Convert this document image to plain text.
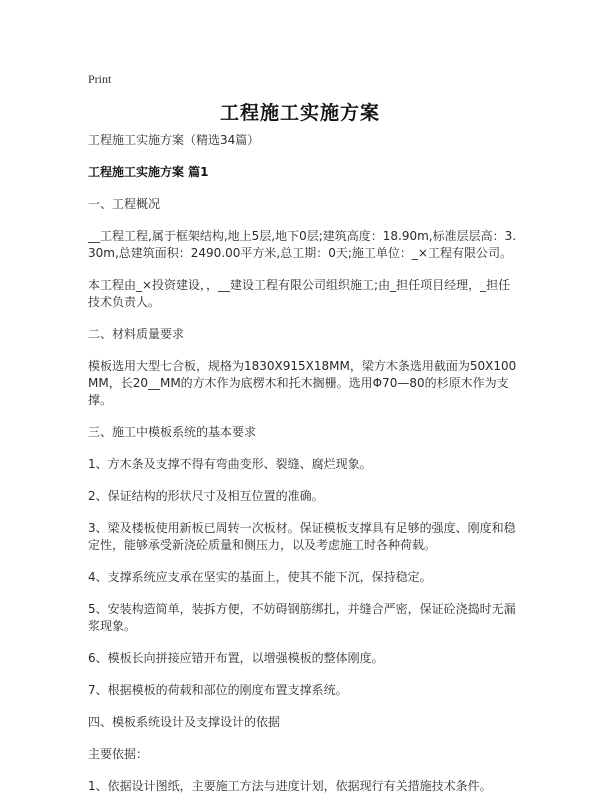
Print
工程施工实施方案

工程施工实施方案（精选34篇）

工程施工实施方案 篇1

一、工程概况

__工程工程,属于框架结构,地上5层,地下0层;建筑高度：18.90m,标准层层高：3.30m,总建筑面积：2490.00平方米,总工期：0天;施工单位：_×工程有限公司。

本工程由_×投资建设，，__建设工程有限公司组织施工;由_担任项目经理，_担任技术负责人。

二、材料质量要求

模板选用大型七合板，规格为1830X915X18MM，梁方木条选用截面为50X100MM，长20__MM的方木作为底楞木和托木搁栅。选用Φ70—80的杉原木作为支撑。

三、施工中模板系统的基本要求

1、方木条及支撑不得有弯曲变形、裂缝、腐烂现象。

2、保证结构的形状尺寸及相互位置的准确。

3、梁及楼板使用新板已周转一次板材。保证模板支撑具有足够的强度、刚度和稳定性，能够承受新浇砼质量和侧压力，以及考虑施工时各种荷载。

4、支撑系统应支承在坚实的基面上，使其不能下沉，保持稳定。

5、安装构造简单，装拆方便，不妨碍钢筋绑扎，并缝合严密，保证砼浇捣时无漏浆现象。

6、模板长向拼接应错开布置，以增强模板的整体刚度。

7、根据模板的荷载和部位的刚度布置支撑系统。

四、模板系统设计及支撑设计的依据

主要依据：

1、依据设计图纸，主要施工方法与进度计划，依据现行有关措施技术条件。
